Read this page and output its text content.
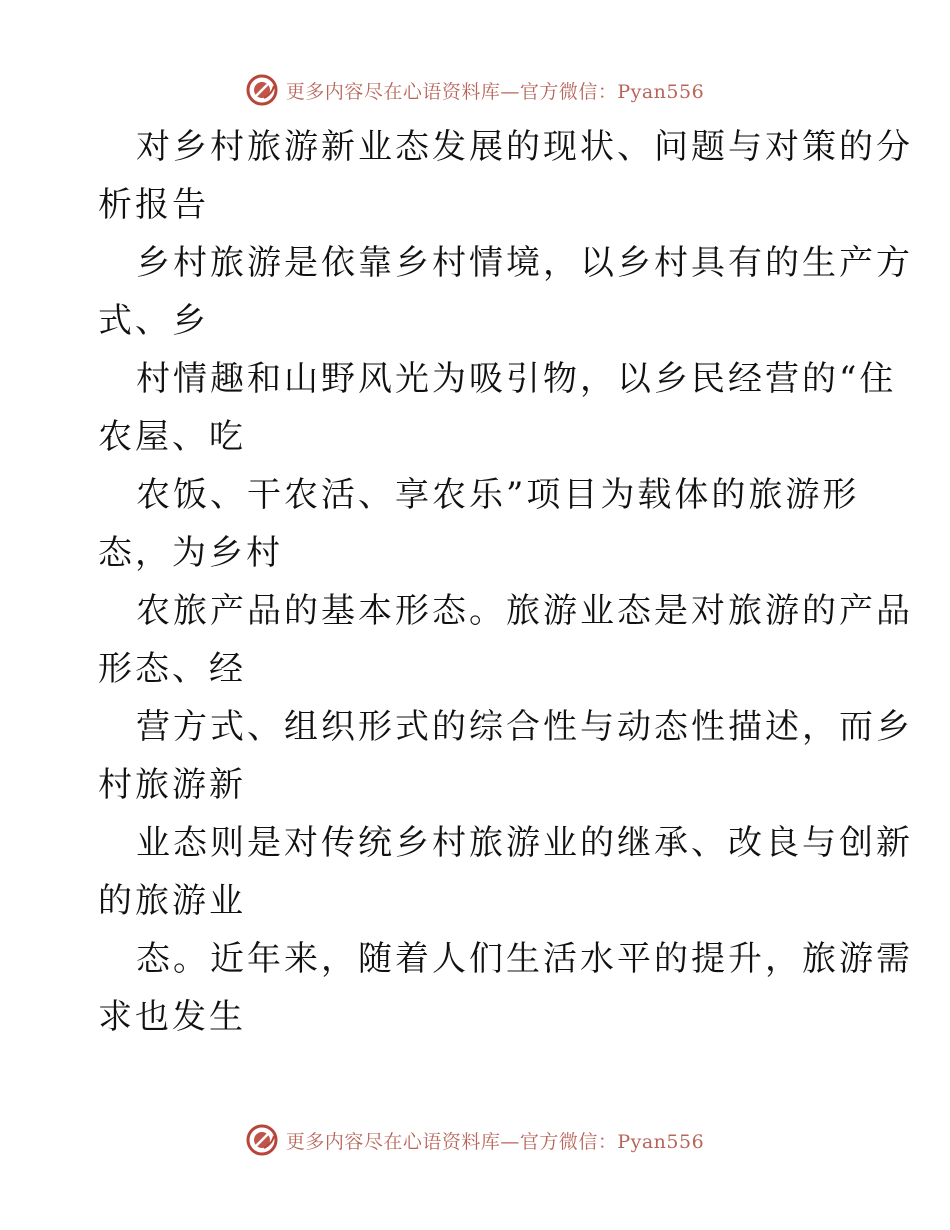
更多内容尽在心语资料库—官方微信：Pyan556
对乡村旅游新业态发展的现状、问题与对策的分
析报告
乡村旅游是依靠乡村情境，以乡村具有的生产方
式、乡
村情趣和山野风光为吸引物，以乡民经营的“住
农屋、吃
农饭、干农活、享农乐”项目为载体的旅游形
态，为乡村
农旅产品的基本形态。旅游业态是对旅游的产品
形态、经
营方式、组织形式的综合性与动态性描述，而乡
村旅游新
业态则是对传统乡村旅游业的继承、改良与创新
的旅游业
态。近年来，随着人们生活水平的提升，旅游需
求也发生
更多内容尽在心语资料库—官方微信：Pyan556
